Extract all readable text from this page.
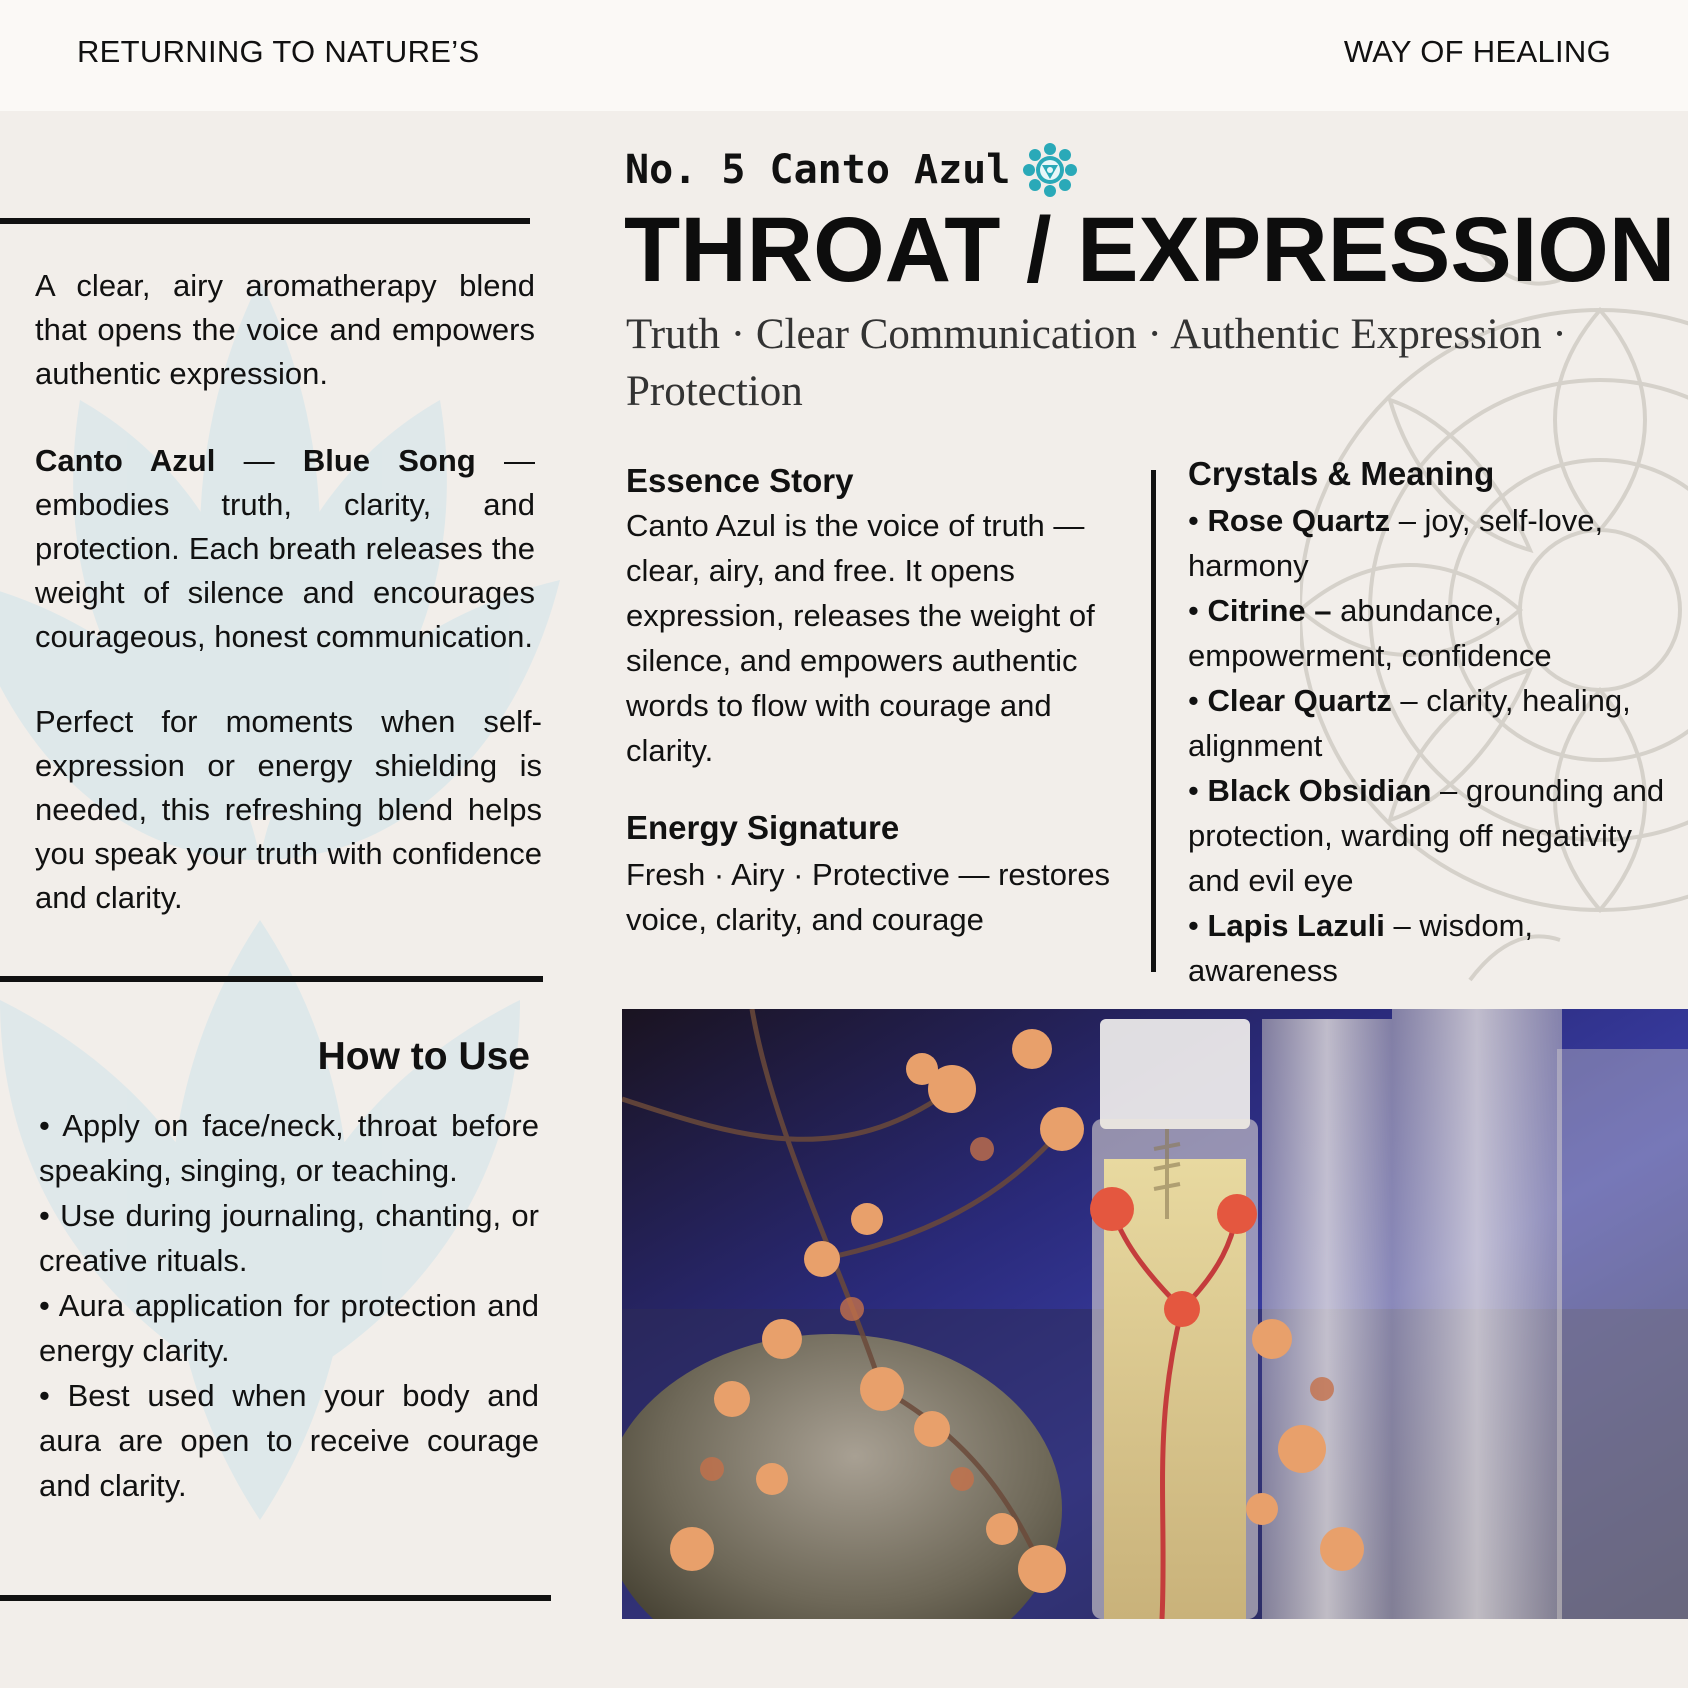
RETURNING TO NATURE’S	WAY OF HEALING
A clear, airy aromatherapy blend that opens the voice and empowers authentic expression.
Canto Azul — Blue Song — embodies truth, clarity, and protection. Each breath releases the weight of silence and encourages courageous, honest communication.
Perfect for moments when self-expression or energy shielding is needed, this refreshing blend helps you speak your truth with confidence and clarity.
How to Use
• Apply on face/neck, throat before speaking, singing, or teaching.
• Use during journaling, chanting, or creative rituals.
• Aura application for protection and energy clarity.
• Best used when your body and aura are open to receive courage and clarity.
No. 5 Canto Azul
THROAT / EXPRESSION
Truth · Clear Communication · Authentic Expression · Protection
Essence Story
Canto Azul is the voice of truth — clear, airy, and free. It opens expression, releases the weight of silence, and empowers authentic words to flow with courage and clarity.
Energy Signature
Fresh · Airy · Protective — restores voice, clarity, and courage
Crystals & Meaning
• Rose Quartz – joy, self-love, harmony
• Citrine – abundance, empowerment, confidence
• Clear Quartz – clarity, healing, alignment
• Black Obsidian – grounding and protection, warding off negativity and evil eye
• Lapis Lazuli – wisdom, awareness
